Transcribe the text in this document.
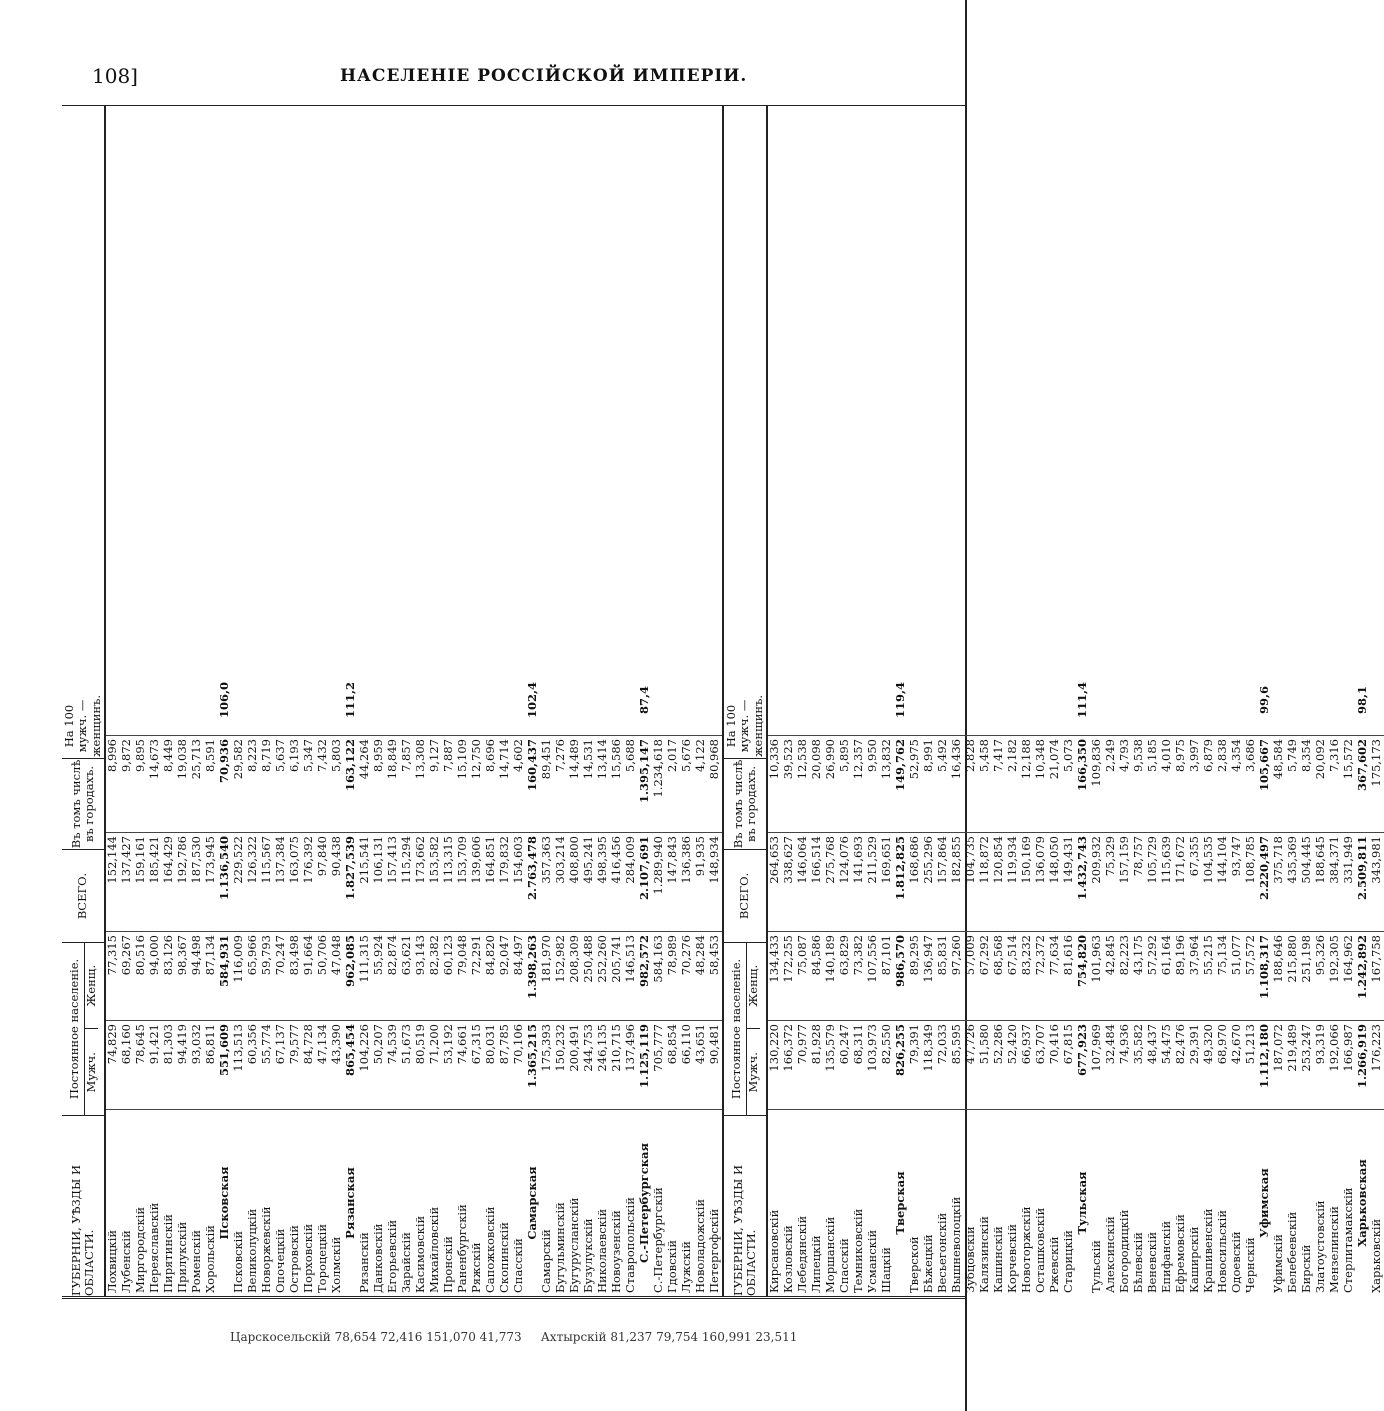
108]	НАСЕЛЕНІЕ РОССІЙСКОЙ ИМПЕРІИ.
ГУБЕРНІИ, УѢЗДЫ И ОБЛАСТИ.
Постоянное населеніе. Мужч.
Женщ.
ВСЕГО.
Въ томъ числѣ въ городахъ.
На 100 мужч. — женщинъ.
Лохвицкій
74,829
77,315
152,144
8,996
Лубенскій
68,160
69,267
137,427
9,872
Миргородскій
78,645
80,516
159,161
9,895
Переяславскій
91,421
94,000
185,421
14,673
Пирятинскій
81,303
83,126
164,429
8,449
Прилукскій
94,419
98,367
192,786
19,038
Роменскій
93,032
94,498
187,530
25,713
Хорольскій
86,811
87,134
173,945
8,591
Псковская
551,609
584,931
1.136,540
70,936
106,0
Псковскій
113,513
116,009
229,522
29,582
Великолуцкій
60,356
65,966
126,322
8,223
Новоржевскій
55,774
59,793
115,567
8,719
Опочецкій
67,137
70,247
137,384
5,637
Островскій
79,577
83,498
163,075
6,193
Порховскій
84,728
91,664
176,392
5,347
Тороцецкій
47,134
50,706
97,840
7,432
Холмскій
43,390
47,048
90,438
5,803
Рязанская
865,454
962,085
1.827,539
163,122
111,2
Рязанскій
104,226
111,315
215,541
44,264
Данковскій
50,207
55,924
106,131
8,959
Егорьевскій
74,539
82,874
157,413
18,849
Зарайскій
51,673
63,621
115,294
7,857
Касимовскій
80,519
93,143
173,662
13,308
Михайловскій
71,200
82,382
153,582
9,127
Пронскій
53,192
60,123
113,315
7,887
Раненбургскій
74,661
79,048
153,709
15,109
Ряжскій
67,315
72,291
139,606
12,750
Сапожковскій
80,031
84,820
164,851
8,696
Скопинскій
87,785
92,047
179,832
14,714
Спасскій
70,106
84,497
154,603
4,602
Самарская
1.365,215
1.398,263
2.763,478
160,437
102,4
Самарскій
175,393
181,970
357,363
89,451
Бугульминскій
150,232
152,982
303,214
7,276
Бугурусланскій
200,491
208,309
408,800
14,489
Бузулукскій
244,753
250,488
495,241
14,531
Николаевскій
246,135
252,260
498,395
13,414
Новоузенскій
210,715
205,741
416,456
15,586
Ставропольскій
137,496
146,513
284,009
5,688
С.-Петербургская
1.125,119
982,572
2.107,691
1.395,147
87,4
С.-Петербургскій
705,777
584,163
1.289,940
1.234,618
Гдовскій
68,854
78,989
147,843
2,017
Лужскій
66,110
70,276
136,386
5,676
Новоладожскій
43,651
48,284
91,935
4,122
Петергофскій
90,481
58,453
148,934
80,968
ГУБЕРНІИ, УѢЗДЫ И ОБЛАСТИ.
Постоянное населеніе. Мужч.
Женщ.
ВСЕГО.
Въ томъ числѣ въ городахъ.
На 100 мужч. — женщинъ.
Кирсановскій
130,220
134,433
264,653
10,336
Козловскій
166,372
172,255
338,627
39,523
Лебедянскій
70,977
75,087
146,064
12,538
Липецкій
81,928
84,586
166,514
20,098
Моршанскій
135,579
140,189
275,768
26,990
Спасскій
60,247
63,829
124,076
5,895
Темниковскій
68,311
73,382
141,693
12,357
Усманскій
103,973
107,556
211,529
9,950
Шацкій
82,550
87,101
169,651
13,832
Тверская
826,255
986,570
1.812,825
149,762
119,4
Тверской
79,391
89,295
168,686
52,975
Бѣжецкій
118,349
136,947
255,296
8,991
Весьегонскій
72,033
85,831
157,864
5,492
Вышневолоцкій
85,595
97,260
182,855
16,436
Зубцовскій
47,726
57,009
104,735
2,828
Калязинскій
51,580
67,292
118,872
5,458
Кашинскій
52,286
68,568
120,854
7,417
Корчевскій
52,420
67,514
119,934
2,182
Новоторжскій
66,937
83,232
150,169
12,188
Осташковскій
63,707
72,372
136,079
10,348
Ржевскій
70,416
77,634
148,050
21,074
Старицкій
67,815
81,616
149,431
5,073
Тульская
677,923
754,820
1.432,743
166,350
111,4
Тульскій
107,969
101,963
209,932
109,836
Алексинскій
32,484
42,845
75,329
2,249
Богородицкій
74,936
82,223
157,159
4,793
Бѣлевскій
35,582
43,175
78,757
9,538
Веневскій
48,437
57,292
105,729
5,185
Епифанскій
54,475
61,164
115,639
4,010
Ефремовскій
82,476
89,196
171,672
8,975
Каширскій
29,391
37,964
67,355
3,997
Крапивенскій
49,320
55,215
104,535
6,879
Новосильскій
68,970
75,134
144,104
2,838
Одоевскій
42,670
51,077
93,747
4,354
Чернскій
51,213
57,572
108,785
3,686
Уфимская
1.112,180
1.108,317
2.220,497
105,667
99,6
Уфимскій
187,072
188,646
375,718
48,584
Белебеевскій
219,489
215,880
435,369
5,749
Бирскій
253,247
251,198
504,445
8,354
Златоустовскій
93,319
95,326
188,645
20,092
Мензелинскій
192,066
192,305
384,371
7,316
Стерлитамакскій
166,987
164,962
331,949
15,572
Харьковская
1.266,919
1.242,892
2.509,811
367,602
98,1
Харьковскій
176,223
167,758
343,981
175,173
Царскосельскій 78,654 72,416 151,070 41,773 Ахтырскій 81,237 79,754 160,991 23,511
